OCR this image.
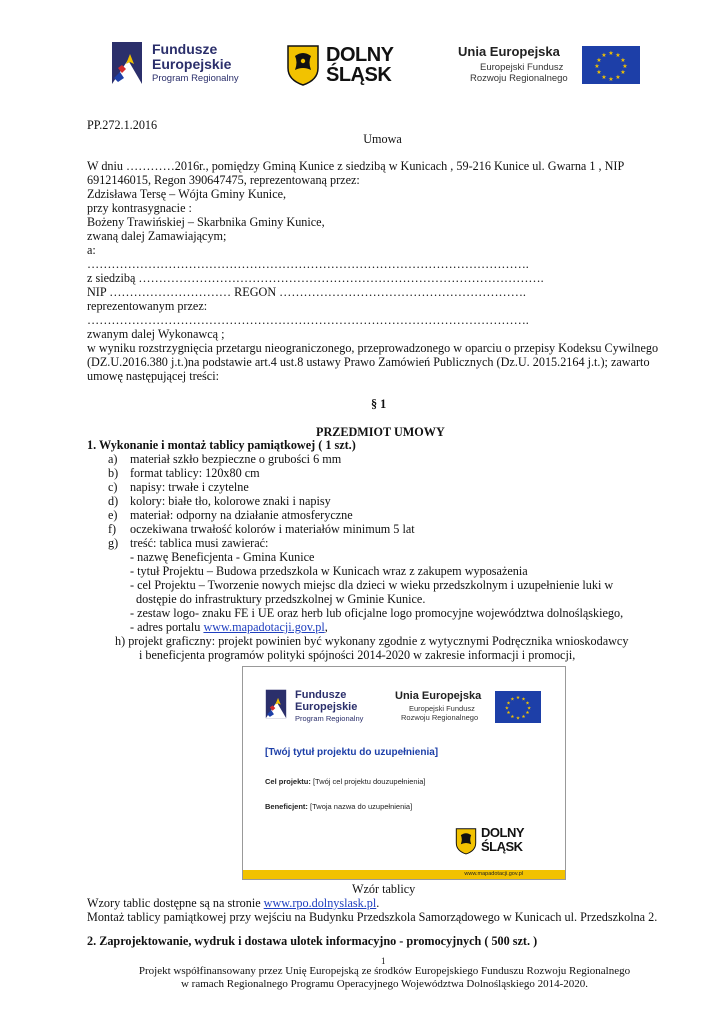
Fundusze
Europejskie
Program Regionalny
DOLNY
ŚLĄSK
Unia Europejska
Europejski Fundusz
Rozwoju Regionalnego
★ ★
★
★
★
★
★
★
★
★
★
★
PP.272.1.2016
Umowa
W dniu …………2016r., pomiędzy Gminą Kunice z siedzibą w Kunicach , 59-216 Kunice ul. Gwarna 1 , NIP
6912146015, Regon 390647475, reprezentowaną przez:
Zdzisława Tersę – Wójta Gminy Kunice,
przy kontrasygnacie :
Bożeny Trawińskiej – Skarbnika Gminy Kunice,
zwaną dalej Zamawiającym;
a:
……………………………………………………………………………………………….
z siedzibą ……………………………………………………………………………………….
NIP ………………………… REGON …………………………………………………….
reprezentowanym przez:
……………………………………………………………………………………………….
zwanym dalej Wykonawcą ;
w wyniku rozstrzygnięcia przetargu nieograniczonego, przeprowadzonego w oparciu o przepisy Kodeksu Cywilnego
(DZ.U.2016.380 j.t.)na podstawie art.4 ust.8 ustawy Prawo Zamówień Publicznych (Dz.U. 2015.2164 j.t.); zawarto
umowę następującej treści:
§ 1
PRZEDMIOT UMOWY
1. Wykonanie i montaż tablicy pamiątkowej ( 1 szt.)
a) materiał szkło bezpieczne o grubości 6 mm
b) format tablicy: 120x80 cm
c) napisy: trwałe i czytelne
d) kolory: białe tło, kolorowe znaki i napisy
e) materiał: odporny na działanie atmosferyczne
f) oczekiwana trwałość kolorów i materiałów minimum 5 lat
g) treść: tablica musi zawierać:
- nazwę Beneficjenta - Gmina Kunice
- tytuł Projektu – Budowa przedszkola w Kunicach wraz z zakupem wyposażenia
- cel Projektu – Tworzenie nowych miejsc dla dzieci w wieku przedszkolnym i uzupełnienie luki w
dostępie do infrastruktury przedszkolnej w Gminie Kunice.
- zestaw logo- znaku FE i UE oraz herb lub oficjalne logo promocyjne województwa dolnośląskiego,
- adres portalu www.mapadotacji.gov.pl,
h) projekt graficzny: projekt powinien być wykonany zgodnie z wytycznymi Podręcznika wnioskodawcy
i beneficjenta programów polityki spójności 2014-2020 w zakresie informacji i promocji,
Fundusze
Europejskie
Program Regionalny
Unia Europejska
Europejski Fundusz
Rozwoju Regionalnego
★ ★
★
★
★
★
★
★
★
★
★
★
[Twój tytuł projektu do uzupełnienia]
Cel projektu: [Twój cel projektu douzupełnienia]
Beneficjent: [Twoja nazwa do uzupełnienia]
DOLNY
ŚLĄSK
www.mapadotacji.gov.pl
Wzór tablicy
Wzory tablic dostępne są na stronie www.rpo.dolnyslask.pl.
Montaż tablicy pamiątkowej przy wejściu na Budynku Przedszkola Samorządowego w Kunicach ul. Przedszkolna 2.
2. Zaprojektowanie, wydruk i dostawa ulotek informacyjno - promocyjnych ( 500 szt. )
1
Projekt współfinansowany przez Unię Europejską ze środków Europejskiego Funduszu Rozwoju Regionalnego
w ramach Regionalnego Programu Operacyjnego Województwa Dolnośląskiego 2014-2020.
